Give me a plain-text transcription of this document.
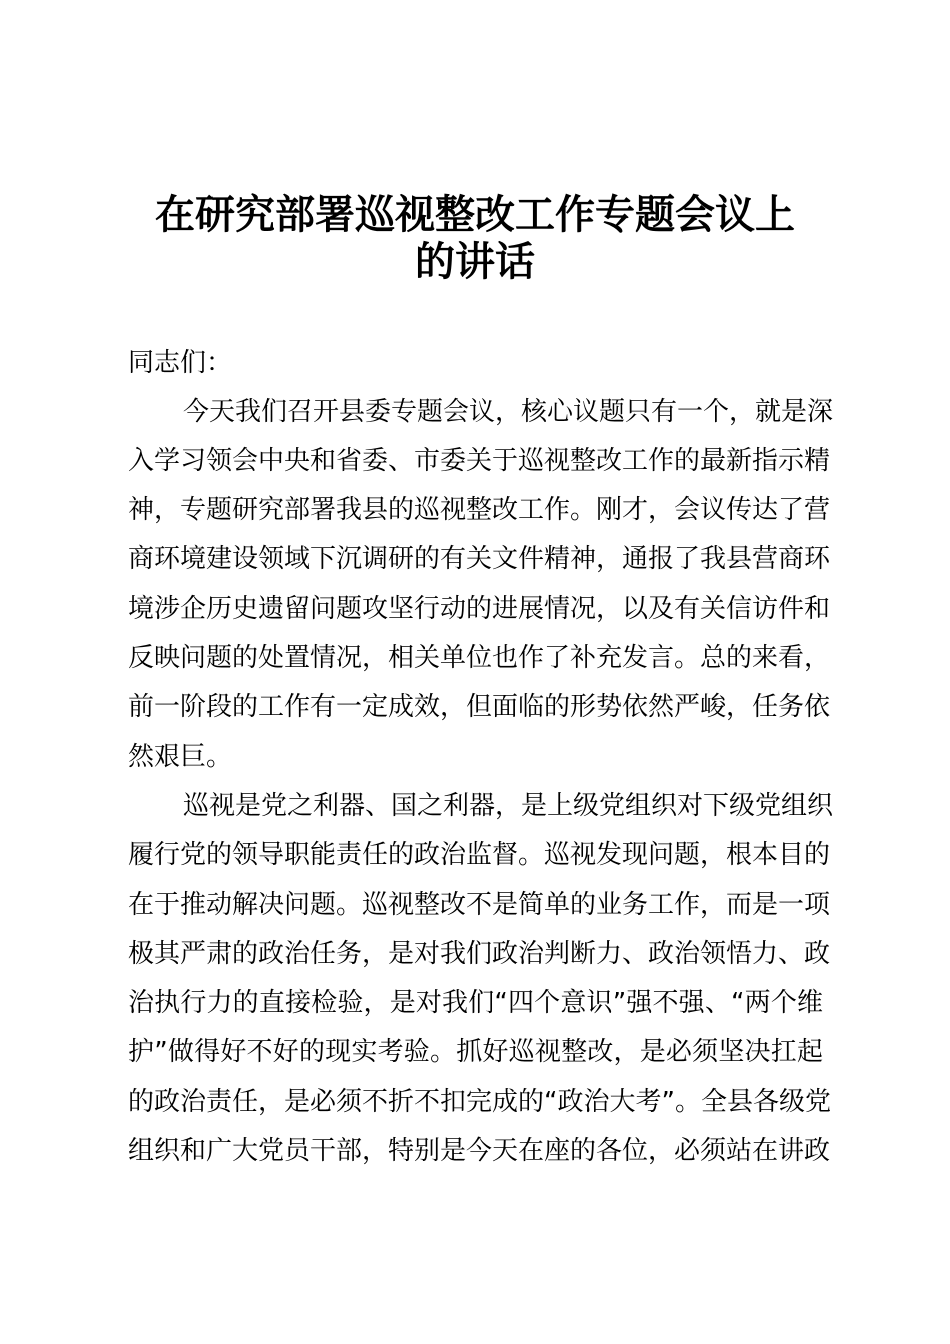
在研究部署巡视整改工作专题会议上
的讲话
同志们：
今天我们召开县委专题会议，核心议题只有一个，就是深
入学习领会中央和省委、市委关于巡视整改工作的最新指示精
神，专题研究部署我县的巡视整改工作。刚才，会议传达了营
商环境建设领域下沉调研的有关文件精神，通报了我县营商环
境涉企历史遗留问题攻坚行动的进展情况，以及有关信访件和
反映问题的处置情况，相关单位也作了补充发言。总的来看，
前一阶段的工作有一定成效，但面临的形势依然严峻，任务依
然艰巨。
巡视是党之利器、国之利器，是上级党组织对下级党组织
履行党的领导职能责任的政治监督。巡视发现问题，根本目的
在于推动解决问题。巡视整改不是简单的业务工作，而是一项
极其严肃的政治任务，是对我们政治判断力、政治领悟力、政
治执行力的直接检验，是对我们“四个意识”强不强、“两个维
护”做得好不好的现实考验。抓好巡视整改，是必须坚决扛起
的政治责任，是必须不折不扣完成的“政治大考”。全县各级党
组织和广大党员干部，特别是今天在座的各位，必须站在讲政
